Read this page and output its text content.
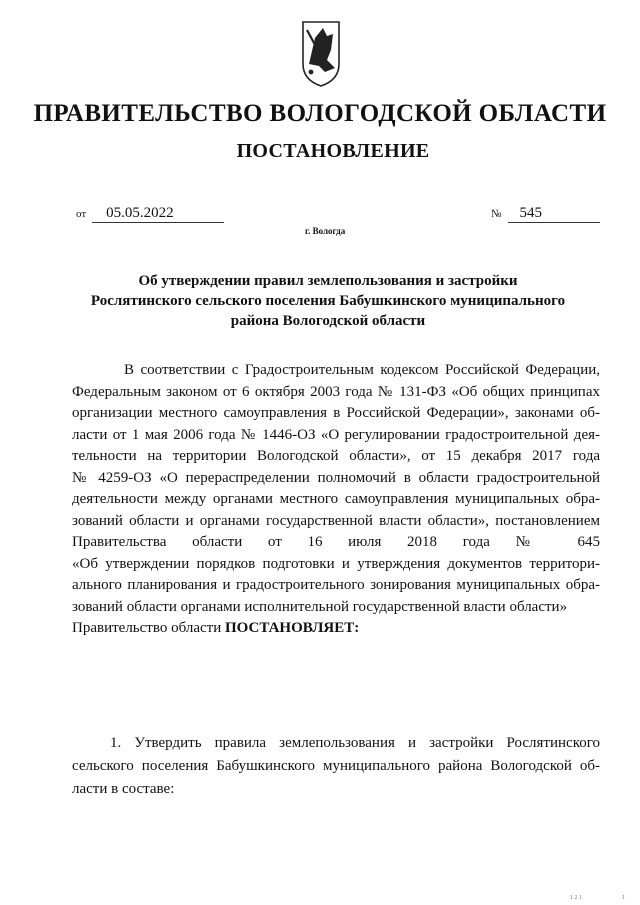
ПРАВИТЕЛЬСТВО ВОЛОГОДСКОЙ ОБЛАСТИ
ПОСТАНОВЛЕНИЕ
от 05.05.2022	№ 545
г. Вологда
Об утверждении правил землепользования и застройки
Рослятинского сельского поселения Бабушкинского муниципального
района Вологодской области
В соответствии с Градостроительным кодексом Российской Федерации,
Федеральным законом от 6 октября 2003 года № 131-ФЗ «Об общих принципах
организации местного самоуправления в Российской Федерации», законами об-
ласти от 1 мая 2006 года № 1446-ОЗ «О регулировании градостроительной дея-
тельности на территории Вологодской области», от 15 декабря 2017 года
№ 4259-ОЗ «О перераспределении полномочий в области градостроительной
деятельности между органами местного самоуправления муниципальных обра-
зований области и органами государственной власти области», постановлением
Правительства области от 16 июля 2018 года № 645
«Об утверждении порядков подготовки и утверждения документов территори-
ального планирования и градостроительного зонирования муниципальных обра-
зований области органами исполнительной государственной власти области»
Правительство области ПОСТАНОВЛЯЕТ:
1. Утвердить правила землепользования и застройки Рослятинского
сельского поселения Бабушкинского муниципального района Вологодской об-
ласти в составе:
1 2 1	1
